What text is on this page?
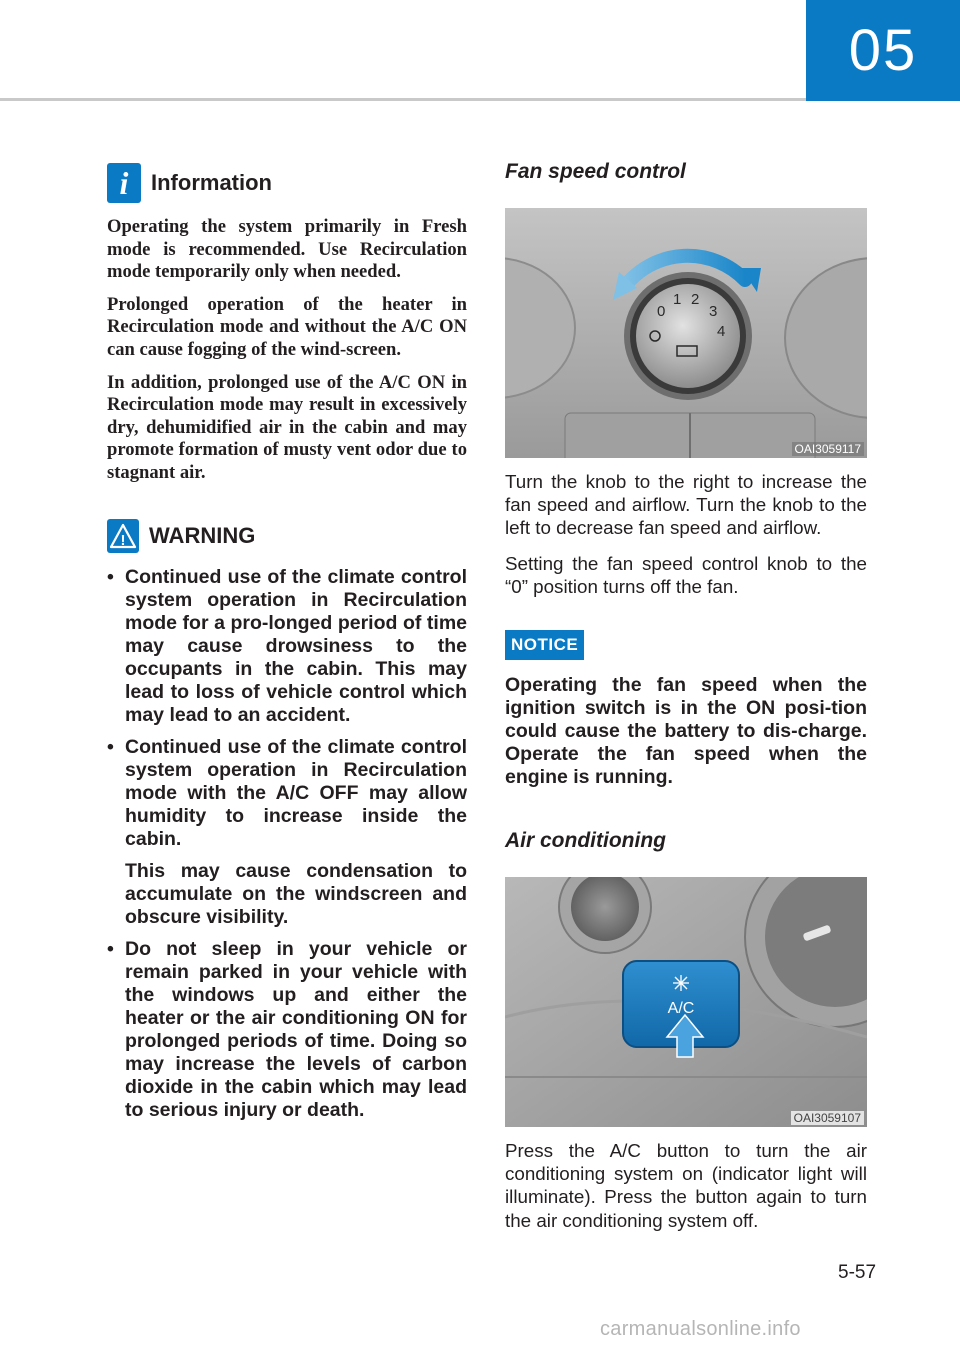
05
i	Information

Operating the system primarily in Fresh mode is recommended. Use Recirculation mode temporarily only when needed.

Prolonged operation of the heater in Recirculation mode and without the A/C ON can cause fogging of the wind-screen.

In addition, prolonged use of the A/C ON in Recirculation mode may result in excessively dry, dehumidified air in the cabin and may promote formation of musty vent odor due to stagnant air.

! WARNING
• Continued use of the climate control system operation in Recirculation mode for a pro-longed period of time may cause drowsiness to the occupants in the cabin. This may lead to loss of vehicle control which may lead to an accident.
• Continued use of the climate control system operation in Recirculation mode with the A/C OFF may allow humidity to increase inside the cabin.
This may cause condensation to accumulate on the windscreen and obscure visibility.
• Do not sleep in your vehicle or remain parked in your vehicle with the windows up and either the heater or the air conditioning ON for prolonged periods of time. Doing so may increase the levels of carbon dioxide in the cabin which may lead to serious injury or death.
Fan speed control
0
1 2
3
4
OAI3059117

Turn the knob to the right to increase the fan speed and airflow. Turn the knob to the left to decrease fan speed and airflow.

Setting the fan speed control knob to the “0” position turns off the fan.

NOTICE

Operating the fan speed when the ignition switch is in the ON posi-tion could cause the battery to dis-charge. Operate the fan speed when the engine is running.

Air conditioning
A/C
OAI3059107

Press the A/C button to turn the air conditioning system on (indicator light will illuminate). Press the button again to turn the air conditioning system off.

5-57
carmanualsonline.info
